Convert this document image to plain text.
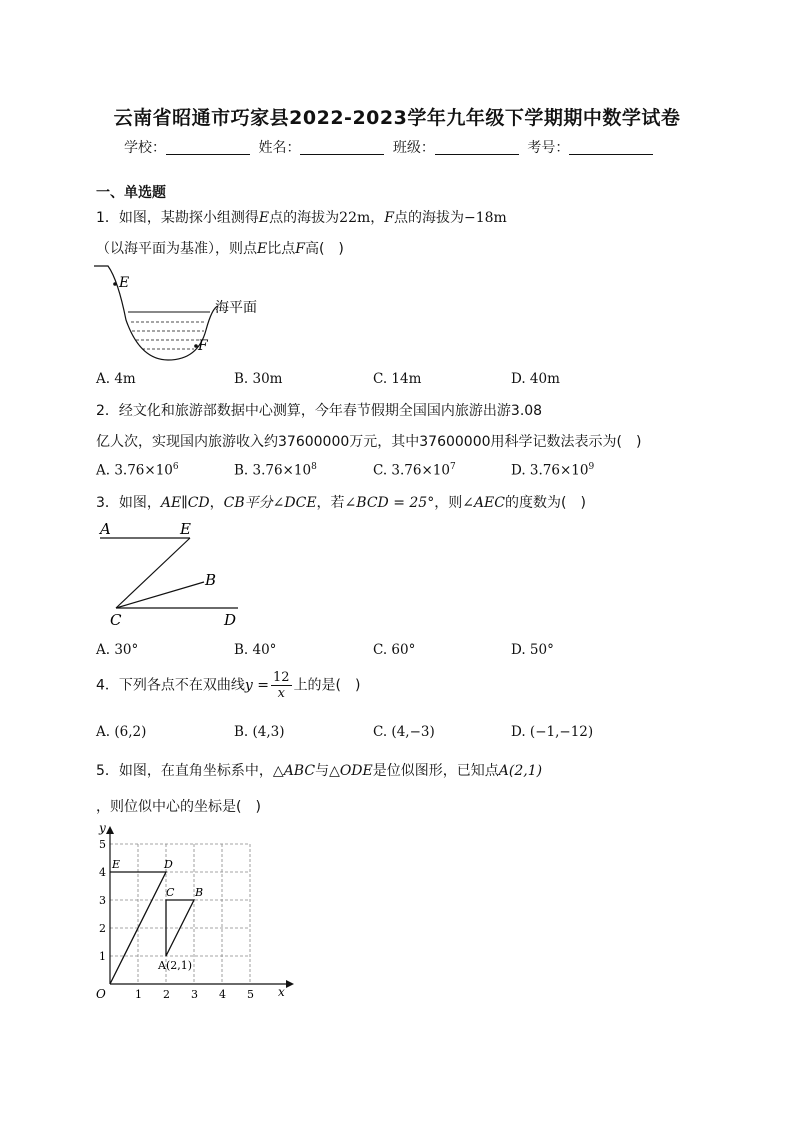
云南省昭通市巧家县2022-2023学年九年级下学期期中数学试卷
学校：	姓名：	班级：	考号：
一、单选题
1．如图，某勘探小组测得E点的海拔为22m，F点的海拔为−18m
（以海平面为基准），则点E比点F高(　)
E
F
海平面
A. 4m	B. 30m	C. 14m	D. 40m
2．经文化和旅游部数据中心测算，今年春节假期全国国内旅游出游3.08
亿人次，实现国内旅游收入约37600000万元，其中37600000用科学记数法表示为(　)
A. $3.76\times 10^6$	B. $3.76\times 10^8$	C. $3.76\times 10^7$	D. $3.76\times 10^9$
3．如图，AE∥CD，CB平分∠DCE，若∠BCD = 25°，则∠AEC的度数为(　)
A	E
B
C	D
A. 30°	B. 40°	C. 60°	D. 50°
4．下列各点不在双曲线$y = \frac{12}{x}$ 上的是(　)
A. (6,2)	B. (4,3)	C. (4,−3)	D. (−1,−12)
5．如图，在直角坐标系中，△ABC与△ODE是位似图形，已知点A(2,1)
，则位似中心的坐标是(　)
y
x
O	1 2 3 4 5
1
2
3
4
5
E	D
C B
A(2,1)
